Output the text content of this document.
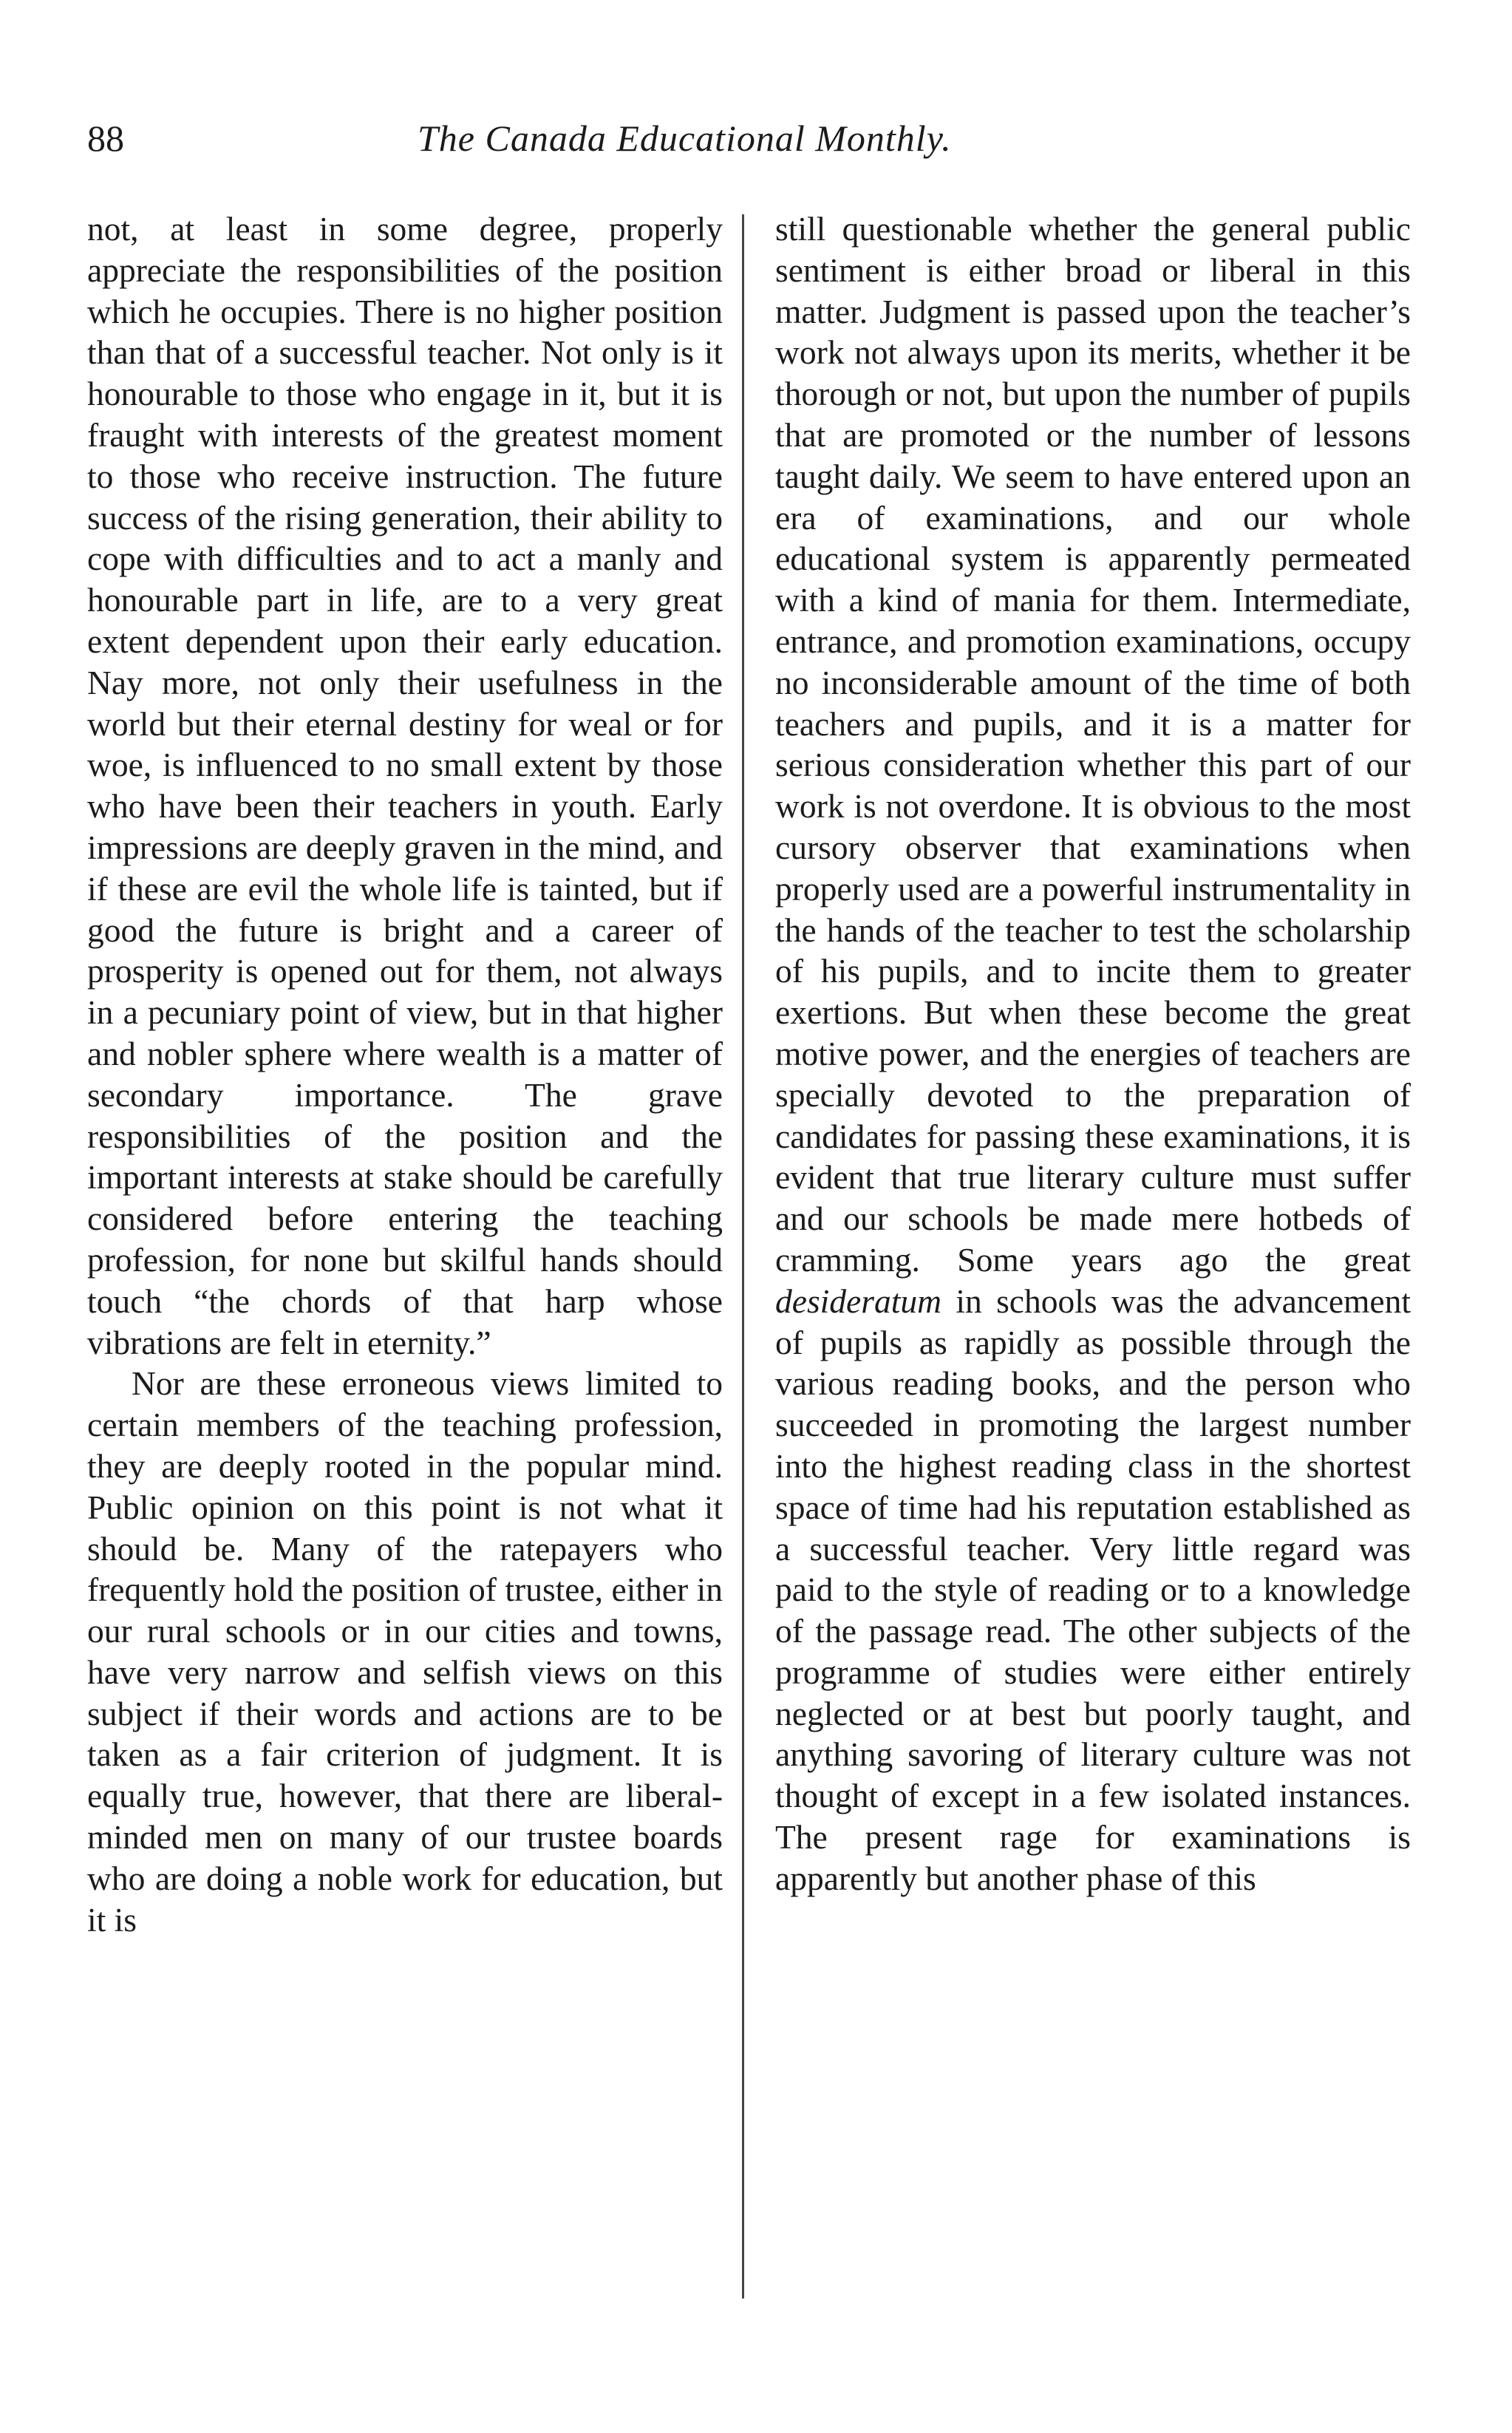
88	The Canada Educational Monthly.

not, at least in some degree, properly appreciate the responsibilities of the position which he occupies. There is no higher position than that of a successful teacher. Not only is it honourable to those who engage in it, but it is fraught with interests of the greatest moment to those who receive instruction. The future success of the rising generation, their ability to cope with difficulties and to act a manly and honourable part in life, are to a very great extent dependent upon their early education. Nay more, not only their usefulness in the world but their eternal destiny for weal or for woe, is influenced to no small extent by those who have been their teachers in youth. Early impressions are deeply graven in the mind, and if these are evil the whole life is tainted, but if good the future is bright and a career of prosperity is opened out for them, not always in a pecuniary point of view, but in that higher and nobler sphere where wealth is a matter of secondary importance. The grave responsibilities of the position and the important interests at stake should be carefully considered before entering the teaching profession, for none but skilful hands should touch “the chords of that harp whose vibrations are felt in eternity.”

Nor are these erroneous views limited to certain members of the teaching profession, they are deeply rooted in the popular mind. Public opinion on this point is not what it should be. Many of the ratepayers who frequently hold the position of trustee, either in our rural schools or in our cities and towns, have very narrow and selfish views on this subject if their words and actions are to be taken as a fair criterion of judgment. It is equally true, however, that there are liberal-minded men on many of our trustee boards who are doing a noble work for education, but it is

still questionable whether the general public sentiment is either broad or liberal in this matter. Judgment is passed upon the teacher’s work not always upon its merits, whether it be thorough or not, but upon the number of pupils that are promoted or the number of lessons taught daily. We seem to have entered upon an era of examinations, and our whole educational system is apparently permeated with a kind of mania for them. Intermediate, entrance, and promotion examinations, occupy no inconsiderable amount of the time of both teachers and pupils, and it is a matter for serious consideration whether this part of our work is not overdone. It is obvious to the most cursory observer that examinations when properly used are a powerful instrumentality in the hands of the teacher to test the scholarship of his pupils, and to incite them to greater exertions. But when these become the great motive power, and the energies of teachers are specially devoted to the preparation of candidates for passing these examinations, it is evident that true literary culture must suffer and our schools be made mere hotbeds of cramming. Some years ago the great desideratum in schools was the advancement of pupils as rapidly as possible through the various reading books, and the person who succeeded in promoting the largest number into the highest reading class in the shortest space of time had his reputation established as a successful teacher. Very little regard was paid to the style of reading or to a knowledge of the passage read. The other subjects of the programme of studies were either entirely neglected or at best but poorly taught, and anything savoring of literary culture was not thought of except in a few isolated instances. The present rage for examinations is apparently but another phase of this
